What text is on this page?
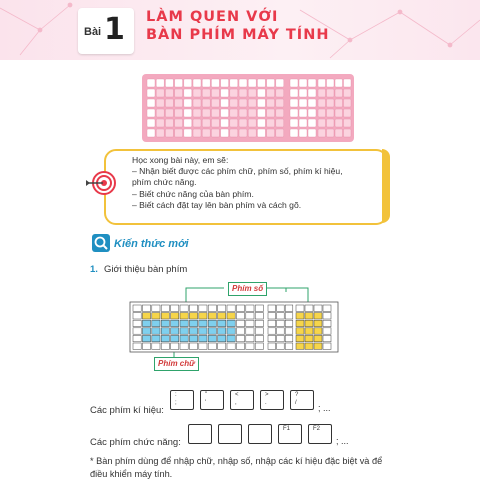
Bài 1 LÀM QUEN VỚI
BÀN PHÍM MÁY TÍNH
Học xong bài này, em sẽ:
– Nhận biết được các phím chữ, phím số, phím kí hiệu,
phím chức năng.
– Biết chức năng của bàn phím.
– Biết cách đặt tay lên bàn phím và cách gõ.
Kiến thức mới
1. Giới thiệu bàn phím
Phím số
Phím chữ
Các phím kí hiệu:
:
;
"
'
<
,
>
.
?
/ ; ...
Các phím chức năng:
F1	F2
; ...
* Bàn phím dùng để nhập chữ, nhập số, nhập các kí hiệu đặc biệt và để điều khiển máy tính.
